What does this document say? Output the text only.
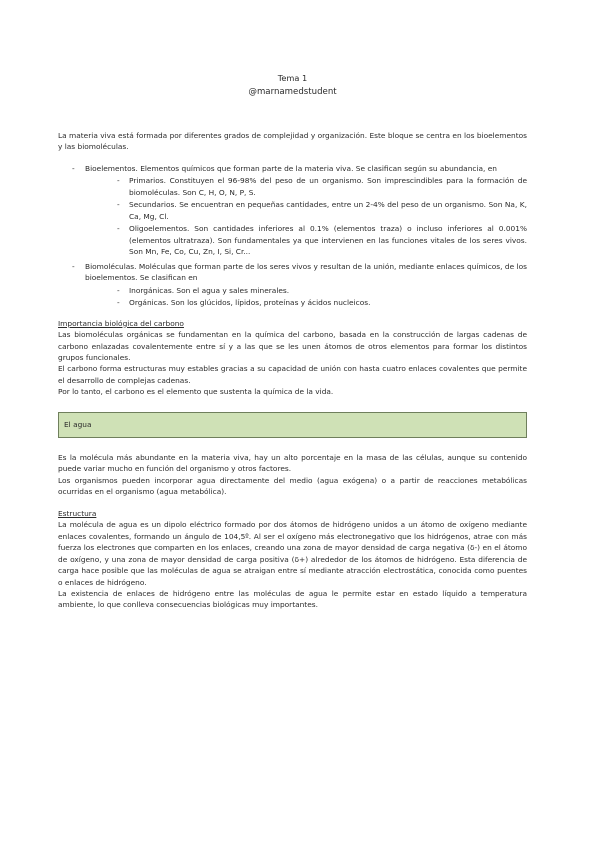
Tema 1
@marnamedstudent

La materia viva está formada por diferentes grados de complejidad y organización. Este bloque se centra en los bioelementos y las biomoléculas.

- Bioelementos. Elementos químicos que forman parte de la materia viva. Se clasifican según su abundancia, en
- Primarios. Constituyen el 96-98% del peso de un organismo. Son imprescindibles para la formación de biomoléculas. Son C, H, O, N, P, S.
- Secundarios. Se encuentran en pequeñas cantidades, entre un 2-4% del peso de un organismo. Son Na, K, Ca, Mg, Cl.
- Oligoelementos. Son cantidades inferiores al 0.1% (elementos traza) o incluso inferiores al 0.001% (elementos ultratraza). Son fundamentales ya que intervienen en las funciones vitales de los seres vivos. Son Mn, Fe, Co, Cu, Zn, I, Si, Cr...
- Biomoléculas. Moléculas que forman parte de los seres vivos y resultan de la unión, mediante enlaces químicos, de los bioelementos. Se clasifican en
- Inorgánicas. Son el agua y sales minerales.
- Orgánicas. Son los glúcidos, lípidos, proteínas y ácidos nucleicos.
Importancia biológica del carbono

Las biomoléculas orgánicas se fundamentan en la química del carbono, basada en la construcción de largas cadenas de carbono enlazadas covalentemente entre sí y a las que se les unen átomos de otros elementos para formar los distintos grupos funcionales.

El carbono forma estructuras muy estables gracias a su capacidad de unión con hasta cuatro enlaces covalentes que permite el desarrollo de complejas cadenas.

Por lo tanto, el carbono es el elemento que sustenta la química de la vida.

El agua

Es la molécula más abundante en la materia viva, hay un alto porcentaje en la masa de las células, aunque su contenido puede variar mucho en función del organismo y otros factores.

Los organismos pueden incorporar agua directamente del medio (agua exógena) o a partir de reacciones metabólicas ocurridas en el organismo (agua metabólica).

Estructura

La molécula de agua es un dipolo eléctrico formado por dos átomos de hidrógeno unidos a un átomo de oxígeno mediante enlaces covalentes, formando un ángulo de 104,5º. Al ser el oxígeno más electronegativo que los hidrógenos, atrae con más fuerza los electrones que comparten en los enlaces, creando una zona de mayor densidad de carga negativa (δ-) en el átomo de oxígeno, y una zona de mayor densidad de carga positiva (δ+) alrededor de los átomos de hidrógeno. Esta diferencia de carga hace posible que las moléculas de agua se atraigan entre sí mediante atracción electrostática, conocida como puentes o enlaces de hidrógeno.

La existencia de enlaces de hidrógeno entre las moléculas de agua le permite estar en estado líquido a temperatura ambiente, lo que conlleva consecuencias biológicas muy importantes.
